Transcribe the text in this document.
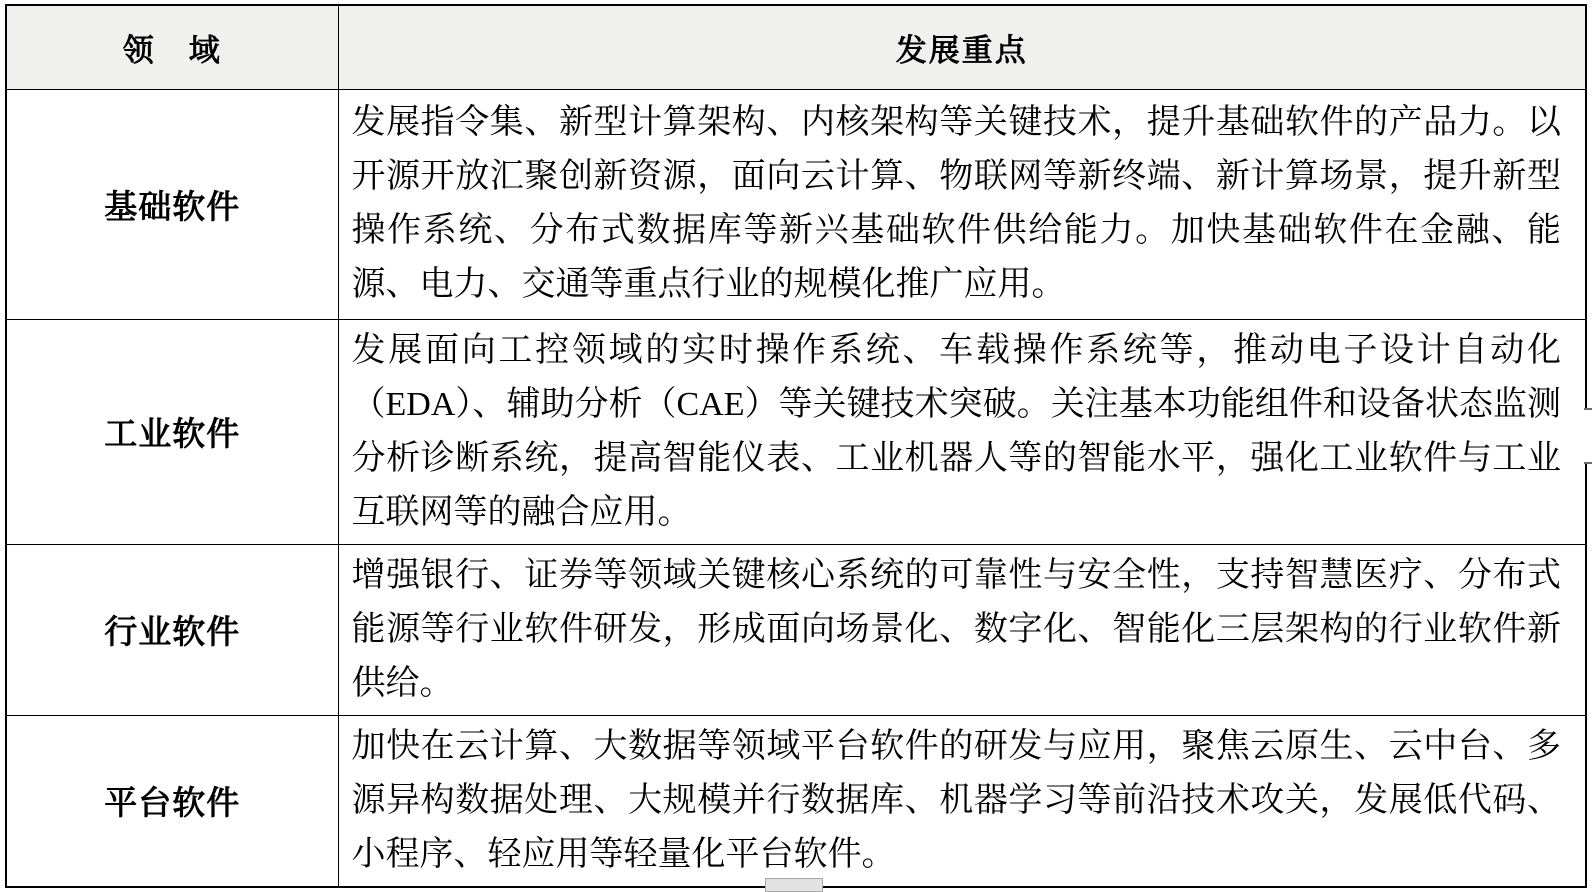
领　域	发展重点
基础软件	发展指令集、新型计算架构、内核架构等关键技术，提升基础软件的产品力。以开源开放汇聚创新资源，面向云计算、物联网等新终端、新计算场景，提升新型操作系统、分布式数据库等新兴基础软件供给能力。加快基础软件在金融、能源、电力、交通等重点行业的规模化推广应用。
工业软件	发展面向工控领域的实时操作系统、车载操作系统等，推动电子设计自动化（EDA）、辅助分析（CAE）等关键技术突破。关注基本功能组件和设备状态监测分析诊断系统，提高智能仪表、工业机器人等的智能水平，强化工业软件与工业互联网等的融合应用。
行业软件	增强银行、证券等领域关键核心系统的可靠性与安全性，支持智慧医疗、分布式能源等行业软件研发，形成面向场景化、数字化、智能化三层架构的行业软件新供给。
平台软件	加快在云计算、大数据等领域平台软件的研发与应用，聚焦云原生、云中台、多源异构数据处理、大规模并行数据库、机器学习等前沿技术攻关，发展低代码、小程序、轻应用等轻量化平台软件。
